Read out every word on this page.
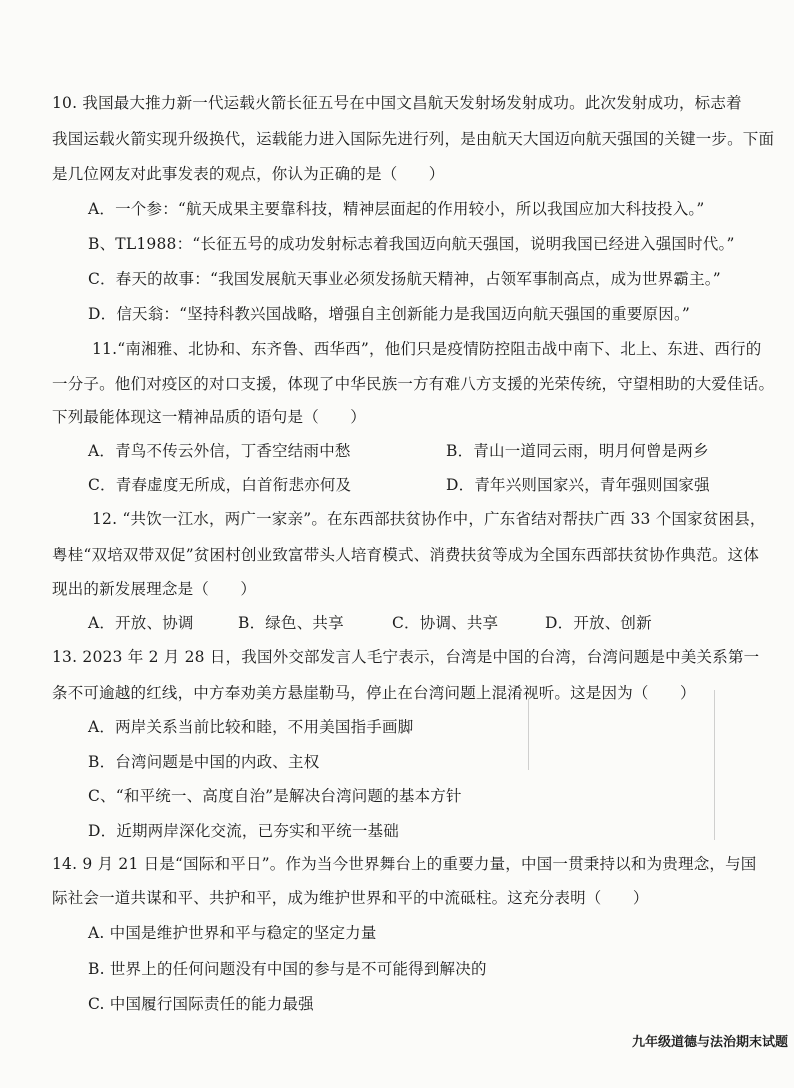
10. 我国最大推力新一代运载火箭长征五号在中国文昌航天发射场发射成功。此次发射成功，标志着
我国运载火箭实现升级换代，运载能力进入国际先进行列，是由航天大国迈向航天强国的关键一步。下面
是几位网友对此事发表的观点，你认为正确的是（　　）
A．一个参：“航天成果主要靠科技，精神层面起的作用较小，所以我国应加大科技投入。”
B、TL1988：“长征五号的成功发射标志着我国迈向航天强国，说明我国已经进入强国时代。”
C．春天的故事：“我国发展航天事业必须发扬航天精神，占领军事制高点，成为世界霸主。”
D．信天翁：“坚持科教兴国战略，增强自主创新能力是我国迈向航天强国的重要原因。”
11.“南湘雅、北协和、东齐鲁、西华西”，他们只是疫情防控阻击战中南下、北上、东进、西行的
一分子。他们对疫区的对口支援，体现了中华民族一方有难八方支援的光荣传统，守望相助的大爱佳话。
下列最能体现这一精神品质的语句是（　　）
A．青鸟不传云外信，丁香空结雨中愁	B．青山一道同云雨，明月何曾是两乡
C．青春虚度无所成，白首衔悲亦何及	D．青年兴则国家兴，青年强则国家强
12. “共饮一江水，两广一家亲”。在东西部扶贫协作中，广东省结对帮扶广西 33 个国家贫困县，
粤桂“双培双带双促”贫困村创业致富带头人培育模式、消费扶贫等成为全国东西部扶贫协作典范。这体
现出的新发展理念是（　　）
A．开放、协调	B．绿色、共享	C．协调、共享	D．开放、创新
13. 2023 年 2 月 28 日，我国外交部发言人毛宁表示，台湾是中国的台湾，台湾问题是中美关系第一
条不可逾越的红线，中方奉劝美方悬崖勒马，停止在台湾问题上混淆视听。这是因为（　　）
A．两岸关系当前比较和睦，不用美国指手画脚
B．台湾问题是中国的内政、主权
C、“和平统一、高度自治”是解决台湾问题的基本方针
D．近期两岸深化交流，已夯实和平统一基础
14. 9 月 21 日是“国际和平日”。作为当今世界舞台上的重要力量，中国一贯秉持以和为贵理念，与国
际社会一道共谋和平、共护和平，成为维护世界和平的中流砥柱。这充分表明（　　）
A. 中国是维护世界和平与稳定的坚定力量
B. 世界上的任何问题没有中国的参与是不可能得到解决的
C. 中国履行国际责任的能力最强
九年级道德与法治期末试题
